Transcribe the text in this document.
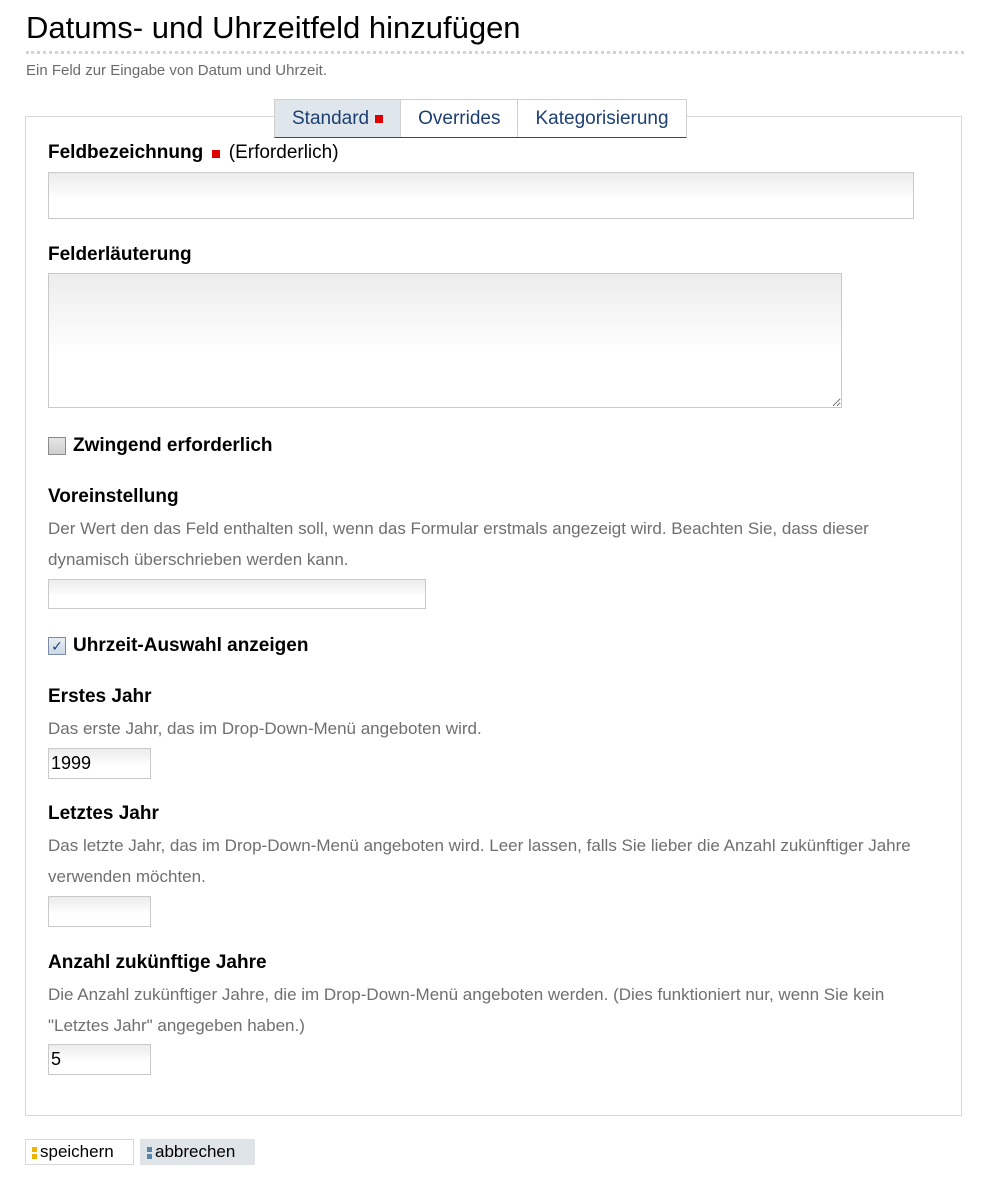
Datums- und Uhrzeitfeld hinzufügen
Ein Feld zur Eingabe von Datum und Uhrzeit.
Standard	Overrides Kategorisierung
Feldbezeichnung (Erforderlich)
Felderläuterung
Zwingend erforderlich
Voreinstellung
Der Wert den das Feld enthalten soll, wenn das Formular erstmals angezeigt wird. Beachten Sie, dass dieser dynamisch überschrieben werden kann.
✓ Uhrzeit-Auswahl anzeigen
Erstes Jahr
Das erste Jahr, das im Drop-Down-Menü angeboten wird.
1999
Letztes Jahr
Das letzte Jahr, das im Drop-Down-Menü angeboten wird. Leer lassen, falls Sie lieber die Anzahl zukünftiger Jahre verwenden möchten.
Anzahl zukünftige Jahre
Die Anzahl zukünftiger Jahre, die im Drop-Down-Menü angeboten werden. (Dies funktioniert nur, wenn Sie kein "Letztes Jahr" angegeben haben.)
5
speichern abbrechen
